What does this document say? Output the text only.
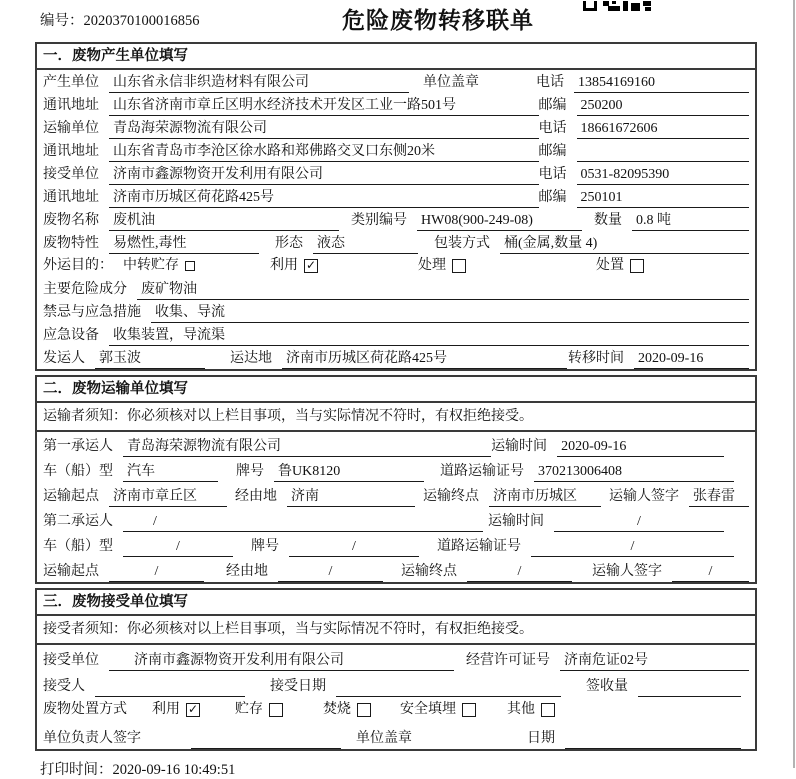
编号：2020370100016856	危险废物转移联单
一．废物产生单位填写
产生单位 山东省永信非织造材料有限公司	单位盖章	电话 13854169160
通讯地址 山东省济南市章丘区明水经济技术开发区工业一路501号	邮编 250200
运输单位 青岛海荣源物流有限公司	电话 18661672606
通讯地址 山东省青岛市李沧区徐水路和郑佛路交叉口东侧20米	邮编
接受单位 济南市鑫源物资开发利用有限公司	电话 0531-82095390
通讯地址 济南市历城区荷花路425号	邮编 250101
废物名称 废机油	类别编号 HW08(900-249-08)	数量 0.8 吨
废物特性 易燃性,毒性	形态 液态	包装方式 桶(金属,数量 4)
外运目的： 中转贮存	利用 ✓	处理	处置
主要危险成分 废矿物油
禁忌与应急措施 收集、导流
应急设备 收集装置，导流渠
发运人 郭玉波	运达地 济南市历城区荷花路425号	转移时间 2020-09-16
二．废物运输单位填写
运输者须知：你必须核对以上栏目事项，当与实际情况不符时，有权拒绝接受。
第一承运人 青岛海荣源物流有限公司	运输时间 2020-09-16
车（船）型 汽车	牌号 鲁UK8120	道路运输证号 370213006408
运输起点 济南市章丘区	经由地 济南	运输终点 济南市历城区	运输人签字 张春雷
第二承运人	/	运输时间	/
车（船）型	/	牌号	/	道路运输证号	/
运输起点	/	经由地	/	运输终点	/	运输人签字	/
三．废物接受单位填写
接受者须知：你必须核对以上栏目事项，当与实际情况不符时，有权拒绝接受。
接受单位	济南市鑫源物资开发利用有限公司	经营许可证号 济南危证02号
接受人	接受日期	签收量
废物处置方式 利用 ✓	贮存	焚烧	安全填埋	其他
单位负责人签字	单位盖章	日期
打印时间：2020-09-16 10:49:51
